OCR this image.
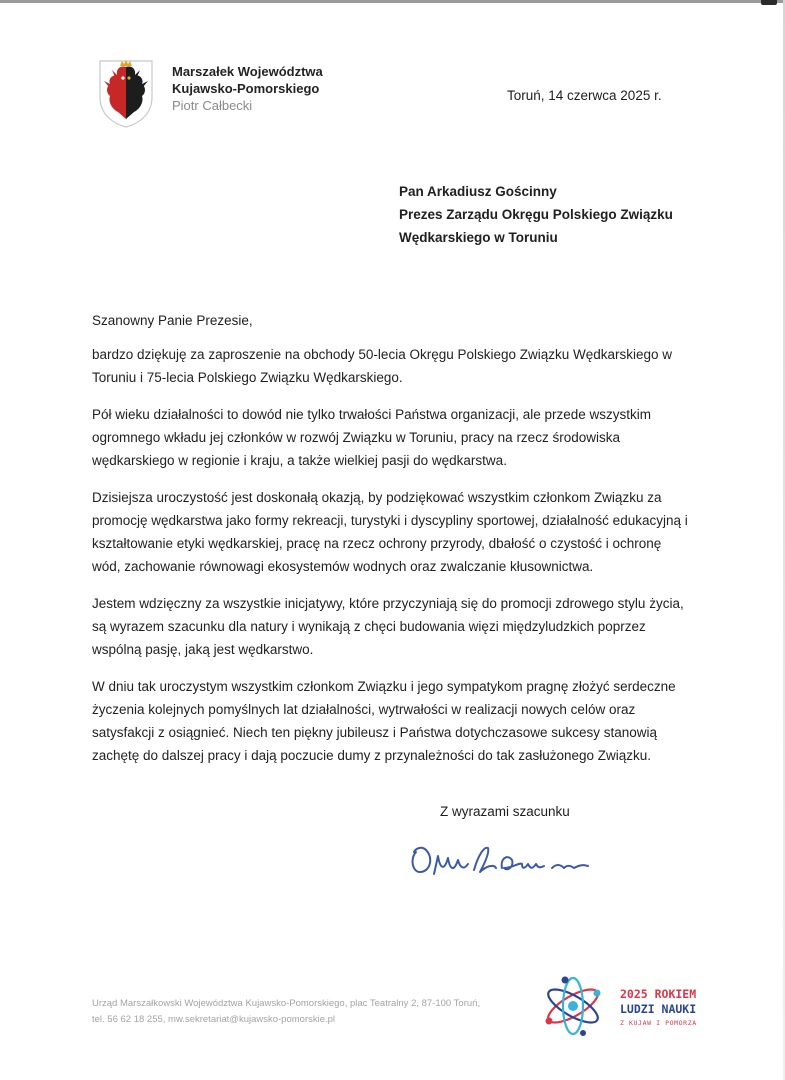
Marszałek Województwa
Kujawsko-Pomorskiego
Piotr Całbecki
Toruń, 14 czerwca 2025 r.
Pan Arkadiusz Gościnny
Prezes Zarządu Okręgu Polskiego Związku
Wędkarskiego w Toruniu
Szanowny Panie Prezesie,

bardzo dziękuję za zaproszenie na obchody 50-lecia Okręgu Polskiego Związku Wędkarskiego w Toruniu i 75-lecia Polskiego Związku Wędkarskiego.

Pół wieku działalności to dowód nie tylko trwałości Państwa organizacji, ale przede wszystkim ogromnego wkładu jej członków w rozwój Związku w Toruniu, pracy na rzecz środowiska wędkarskiego w regionie i kraju, a także wielkiej pasji do wędkarstwa.

Dzisiejsza uroczystość jest doskonałą okazją, by podziękować wszystkim członkom Związku za promocję wędkarstwa jako formy rekreacji, turystyki i dyscypliny sportowej, działalność edukacyjną i kształtowanie etyki wędkarskiej, pracę na rzecz ochrony przyrody, dbałość o czystość i ochronę wód, zachowanie równowagi ekosystemów wodnych oraz zwalczanie kłusownictwa.

Jestem wdzięczny za wszystkie inicjatywy, które przyczyniają się do promocji zdrowego stylu życia, są wyrazem szacunku dla natury i wynikają z chęci budowania więzi międzyludzkich poprzez wspólną pasję, jaką jest wędkarstwo.

W dniu tak uroczystym wszystkim członkom Związku i jego sympatykom pragnę złożyć serdeczne życzenia kolejnych pomyślnych lat działalności, wytrwałości w realizacji nowych celów oraz satysfakcji z osiągnieć. Niech ten piękny jubileusz i Państwa dotychczasowe sukcesy stanowią zachętę do dalszej pracy i dają poczucie dumy z przynależności do tak zasłużonego Związku.

Z wyrazami szacunku
Urząd Marszałkowski Województwa Kujawsko-Pomorskiego, plac Teatralny 2, 87-100 Toruń,
tel. 56 62 18 255, mw.sekretariat@kujawsko-pomorskie.pl
2025 ROKIEM
LUDZI NAUKI
Z KUJAW I POMORZA
